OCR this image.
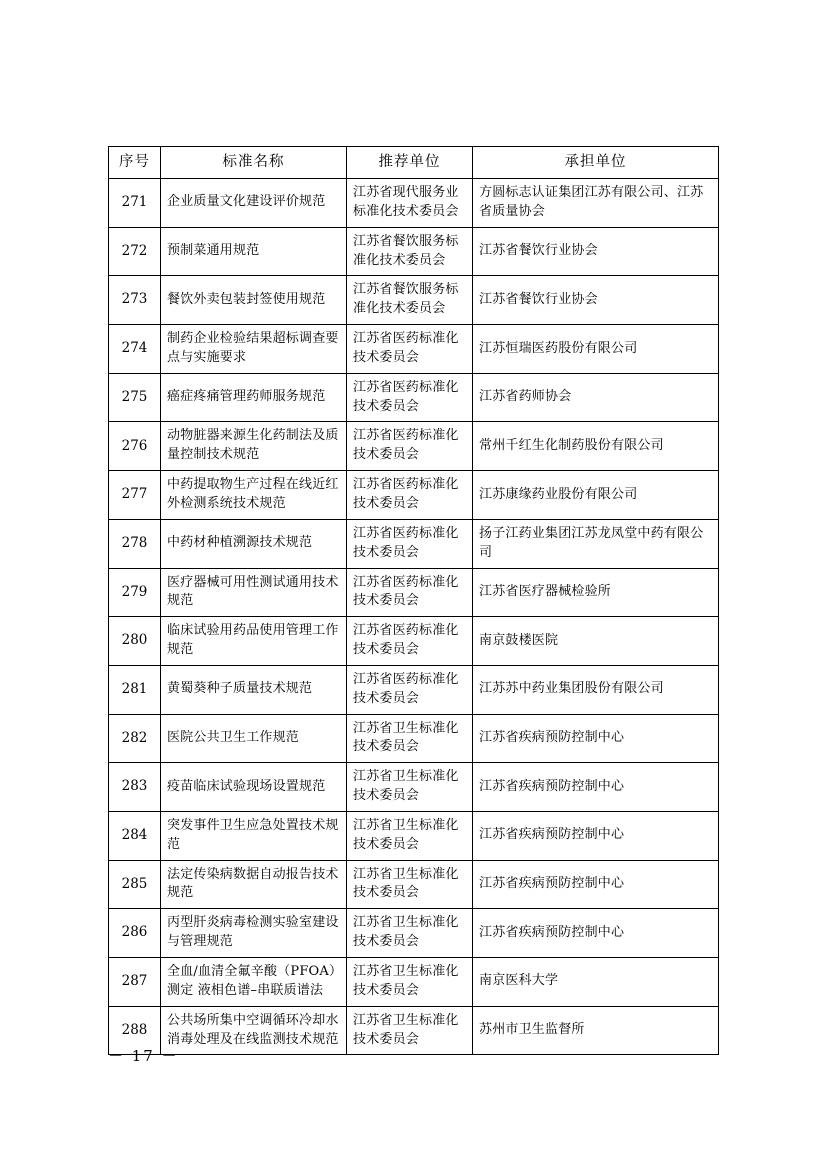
序号	标准名称	推荐单位	承担单位
271	企业质量文化建设评价规范	江苏省现代服务业标准化技术委员会	方圆标志认证集团江苏有限公司、江苏省质量协会
272	预制菜通用规范	江苏省餐饮服务标准化技术委员会	江苏省餐饮行业协会
273	餐饮外卖包装封签使用规范	江苏省餐饮服务标准化技术委员会	江苏省餐饮行业协会
274	制药企业检验结果超标调查要点与实施要求	江苏省医药标准化技术委员会	江苏恒瑞医药股份有限公司
275	癌症疼痛管理药师服务规范	江苏省医药标准化技术委员会	江苏省药师协会
276	动物脏器来源生化药制法及质量控制技术规范	江苏省医药标准化技术委员会	常州千红生化制药股份有限公司
277	中药提取物生产过程在线近红外检测系统技术规范	江苏省医药标准化技术委员会	江苏康缘药业股份有限公司
278	中药材种植溯源技术规范	江苏省医药标准化技术委员会	扬子江药业集团江苏龙凤堂中药有限公司
279	医疗器械可用性测试通用技术规范	江苏省医药标准化技术委员会	江苏省医疗器械检验所
280	临床试验用药品使用管理工作规范	江苏省医药标准化技术委员会	南京鼓楼医院
281	黄蜀葵种子质量技术规范	江苏省医药标准化技术委员会	江苏苏中药业集团股份有限公司
282	医院公共卫生工作规范	江苏省卫生标准化技术委员会	江苏省疾病预防控制中心
283	疫苗临床试验现场设置规范	江苏省卫生标准化技术委员会	江苏省疾病预防控制中心
284	突发事件卫生应急处置技术规范	江苏省卫生标准化技术委员会	江苏省疾病预防控制中心
285	法定传染病数据自动报告技术规范	江苏省卫生标准化技术委员会	江苏省疾病预防控制中心
286	丙型肝炎病毒检测实验室建设与管理规范	江苏省卫生标准化技术委员会	江苏省疾病预防控制中心
287	全血/血清全氟辛酸（PFOA）测定 液相色谱–串联质谱法	江苏省卫生标准化技术委员会	南京医科大学
288	公共场所集中空调循环冷却水消毒处理及在线监测技术规范	江苏省卫生标准化技术委员会	苏州市卫生监督所
－ 17 －
